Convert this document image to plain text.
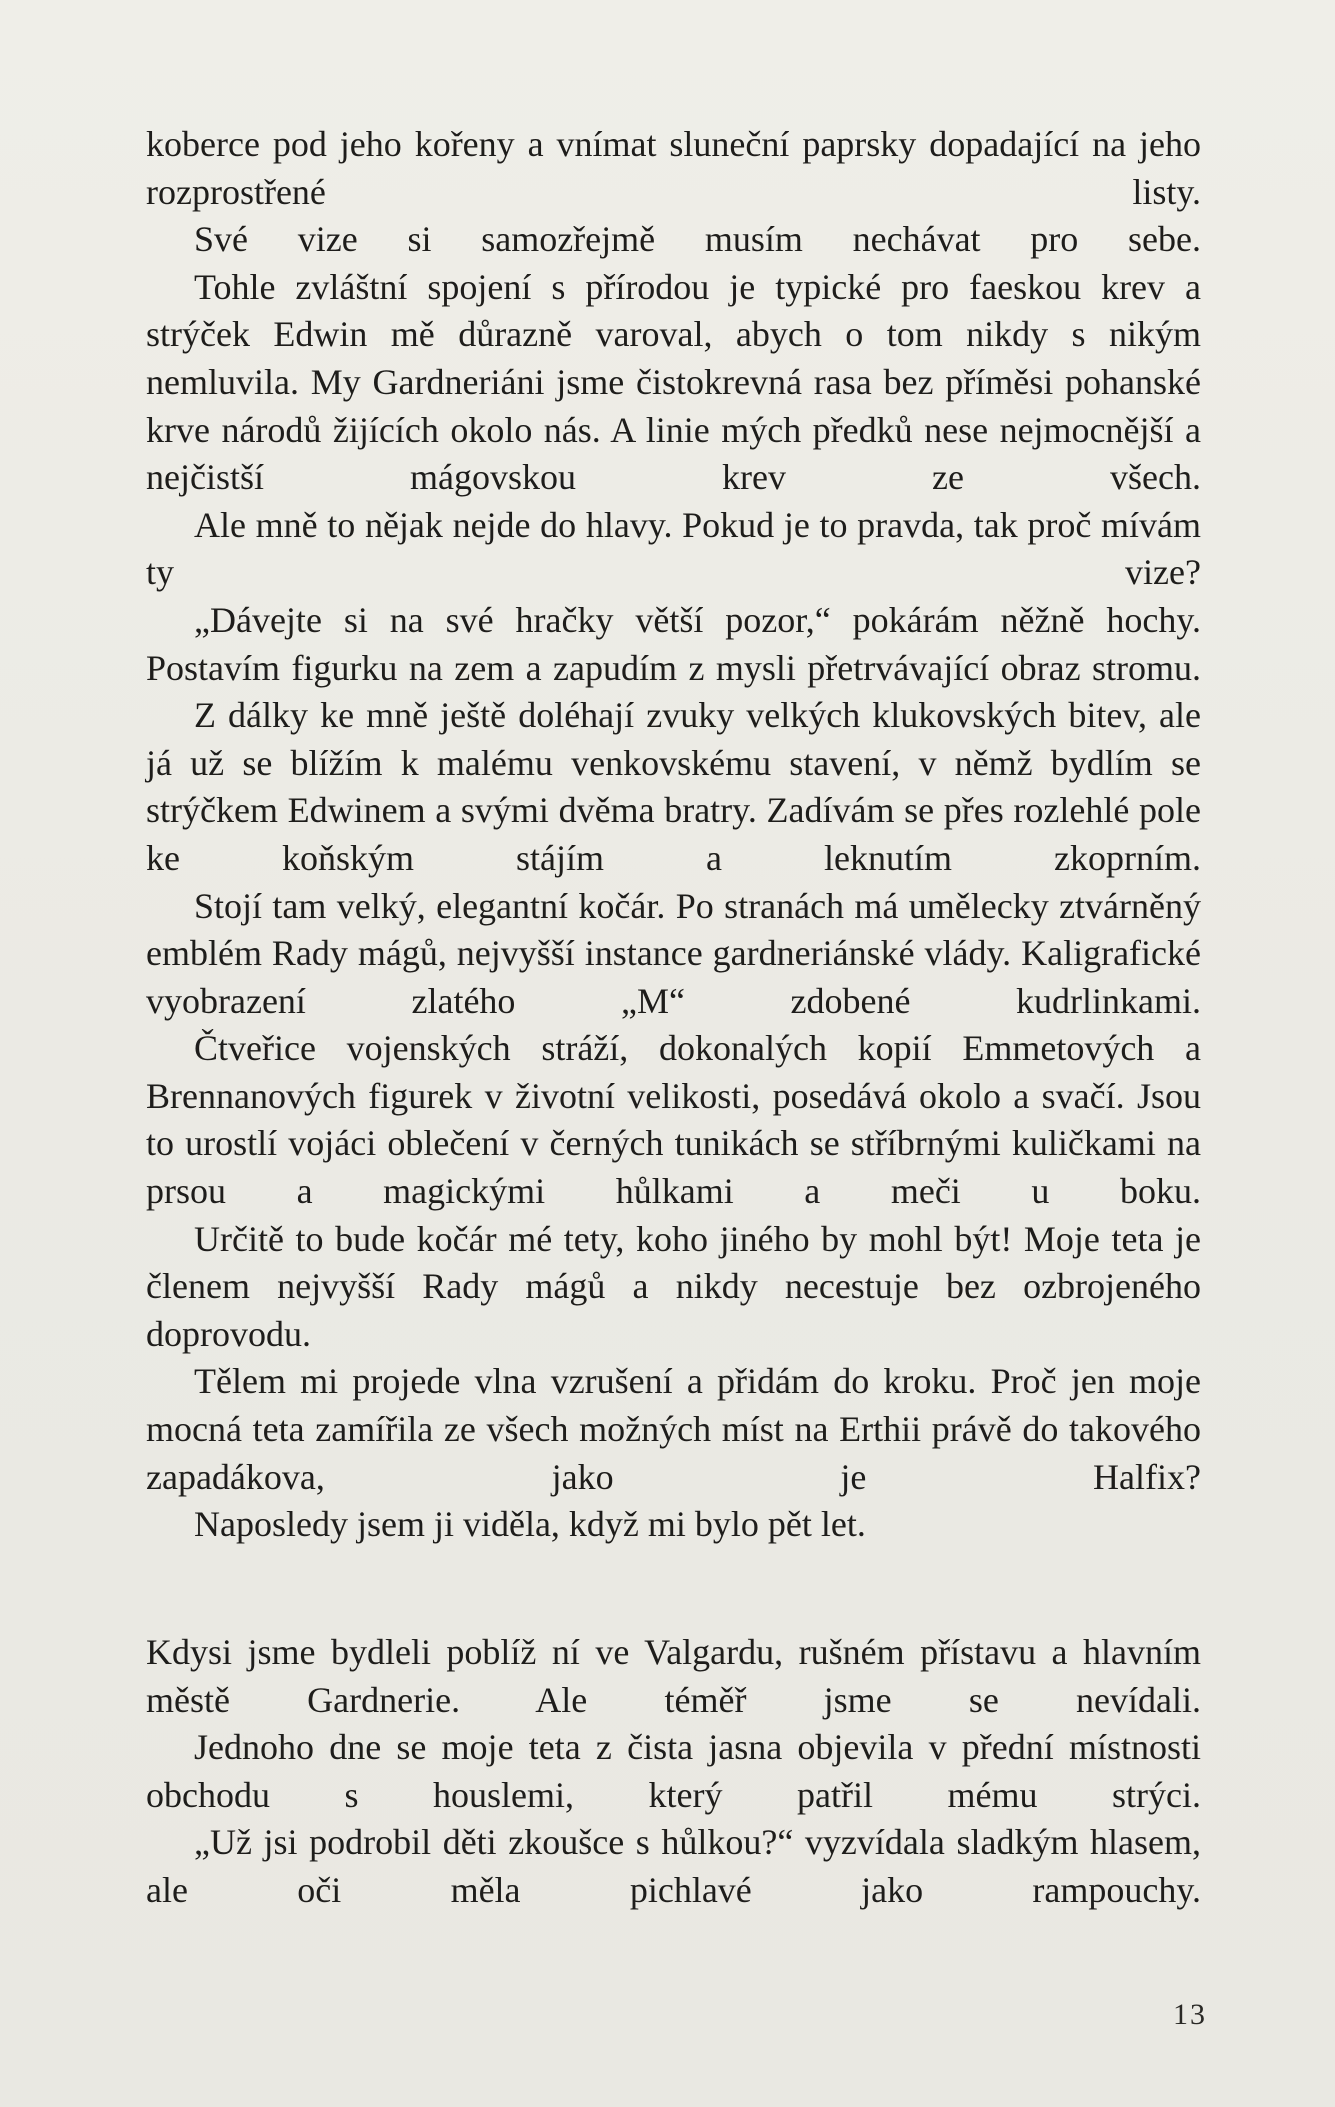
koberce pod jeho kořeny a vnímat sluneční paprsky dopadající na jeho rozprostřené listy.

Své vize si samozřejmě musím nechávat pro sebe.

Tohle zvláštní spojení s přírodou je typické pro faeskou krev a strýček Edwin mě důrazně varoval, abych o tom nikdy s nikým nemluvila. My Gardneriáni jsme čistokrevná rasa bez příměsi pohanské krve národů žijících okolo nás. A linie mých předků nese nejmocnější a nejčistší mágovskou krev ze všech.

Ale mně to nějak nejde do hlavy. Pokud je to pravda, tak proč mívám ty vize?

„Dávejte si na své hračky větší pozor,“ pokárám něžně hochy. Postavím figurku na zem a zapudím z mysli přetrvávající obraz stromu.

Z dálky ke mně ještě doléhají zvuky velkých klukovských bitev, ale já už se blížím k malému venkovskému stavení, v němž bydlím se strýčkem Edwinem a svými dvěma bratry. Zadívám se přes rozlehlé pole ke koňským stájím a leknutím zkoprním.

Stojí tam velký, elegantní kočár. Po stranách má umělecky ztvárněný emblém Rady mágů, nejvyšší instance gardneriánské vlády. Kaligrafické vyobrazení zlatého „M“ zdobené kudrlinkami.

Čtveřice vojenských stráží, dokonalých kopií Emmetových a Brennanových figurek v životní velikosti, posedává okolo a svačí. Jsou to urostlí vojáci oblečení v černých tunikách se stříbrnými kuličkami na prsou a magickými hůlkami a meči u boku.

Určitě to bude kočár mé tety, koho jiného by mohl být! Moje teta je členem nejvyšší Rady mágů a nikdy necestuje bez ozbrojeného doprovodu.

Tělem mi projede vlna vzrušení a přidám do kroku. Proč jen moje mocná teta zamířila ze všech možných míst na Erthii právě do takového zapadákova, jako je Halfix?

Naposledy jsem ji viděla, když mi bylo pět let.

Kdysi jsme bydleli poblíž ní ve Valgardu, rušném přístavu a hlavním městě Gardnerie. Ale téměř jsme se nevídali.

Jednoho dne se moje teta z čista jasna objevila v přední místnosti obchodu s houslemi, který patřil mému strýci.

„Už jsi podrobil děti zkoušce s hůlkou?“ vyzvídala sladkým hlasem, ale oči měla pichlavé jako rampouchy.

13
